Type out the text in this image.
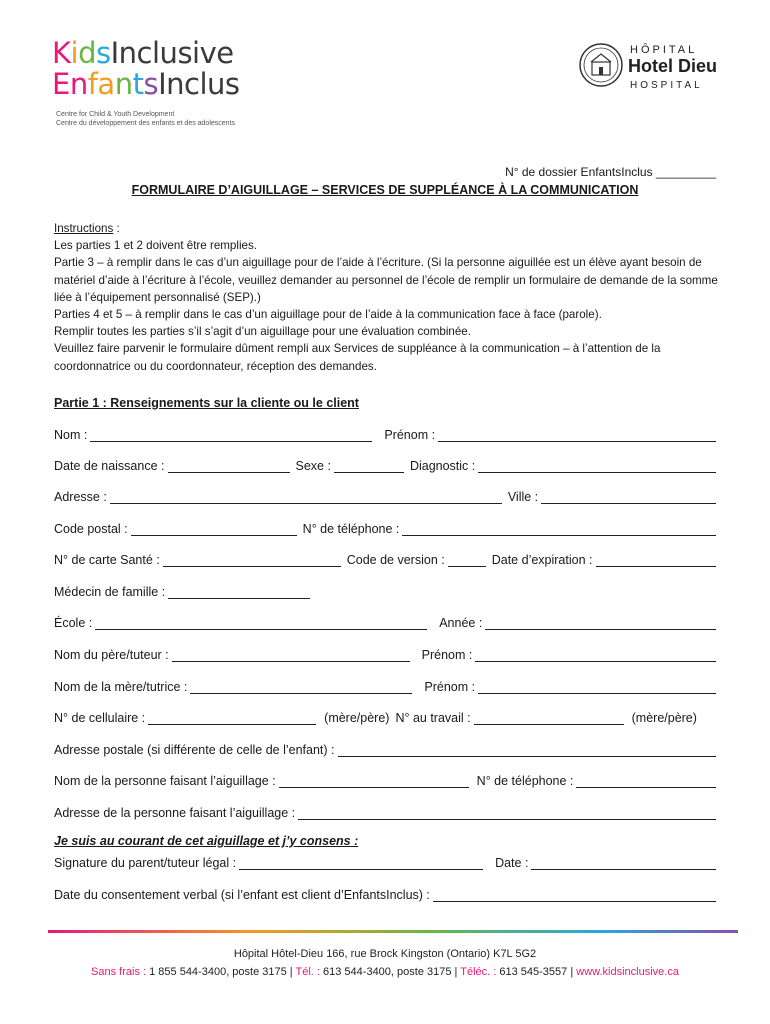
KidsInclusive
EnfantsInclus
Centre for Child & Youth Development
Centre du développement des enfants et des adolescents
HÔPITAL
Hotel Dieu
HOSPITAL
N° de dossier EnfantsInclus _________
FORMULAIRE D’AIGUILLAGE – SERVICES DE SUPPLÉANCE À LA COMMUNICATION
Instructions :
Les parties 1 et 2 doivent être remplies.
Partie 3 – à remplir dans le cas d’un aiguillage pour de l’aide à l’écriture. (Si la personne aiguillée est un élève ayant besoin de matériel d’aide à l’écriture à l’école, veuillez demander au personnel de l’école de remplir un formulaire de demande de la somme liée à l’équipement personnalisé (SEP).)
Parties 4 et 5 – à remplir dans le cas d’un aiguillage pour de l’aide à la communication face à face (parole).
Remplir toutes les parties s’il s’agit d’un aiguillage pour une évaluation combinée.
Veuillez faire parvenir le formulaire dûment rempli aux Services de suppléance à la communication – à l’attention de la coordonnatrice ou du coordonnateur, réception des demandes.
Partie 1 : Renseignements sur la cliente ou le client
Nom :	Prénom :
Date de naissance :	Sexe :	Diagnostic :
Adresse :	Ville :
Code postal :	N° de téléphone :
N° de carte Santé :	Code de version :	Date d’expiration :
Médecin de famille :
École :	Année :
Nom du père/tuteur :	Prénom :
Nom de la mère/tutrice :	Prénom :
N° de cellulaire :	(mère/père) N° au travail :	(mère/père)
Adresse postale (si différente de celle de l’enfant) :
Nom de la personne faisant l’aiguillage :	N° de téléphone :
Adresse de la personne faisant l’aiguillage :
Je suis au courant de cet aiguillage et j’y consens :
Signature du parent/tuteur légal :	Date :
Date du consentement verbal (si l’enfant est client d’EnfantsInclus) :
Hôpital Hôtel-Dieu 166, rue Brock Kingston (Ontario) K7L 5G2
Sans frais : 1 855 544-3400, poste 3175 | Tél. : 613 544-3400, poste 3175 | Téléc. : 613 545-3557 | www.kidsinclusive.ca
